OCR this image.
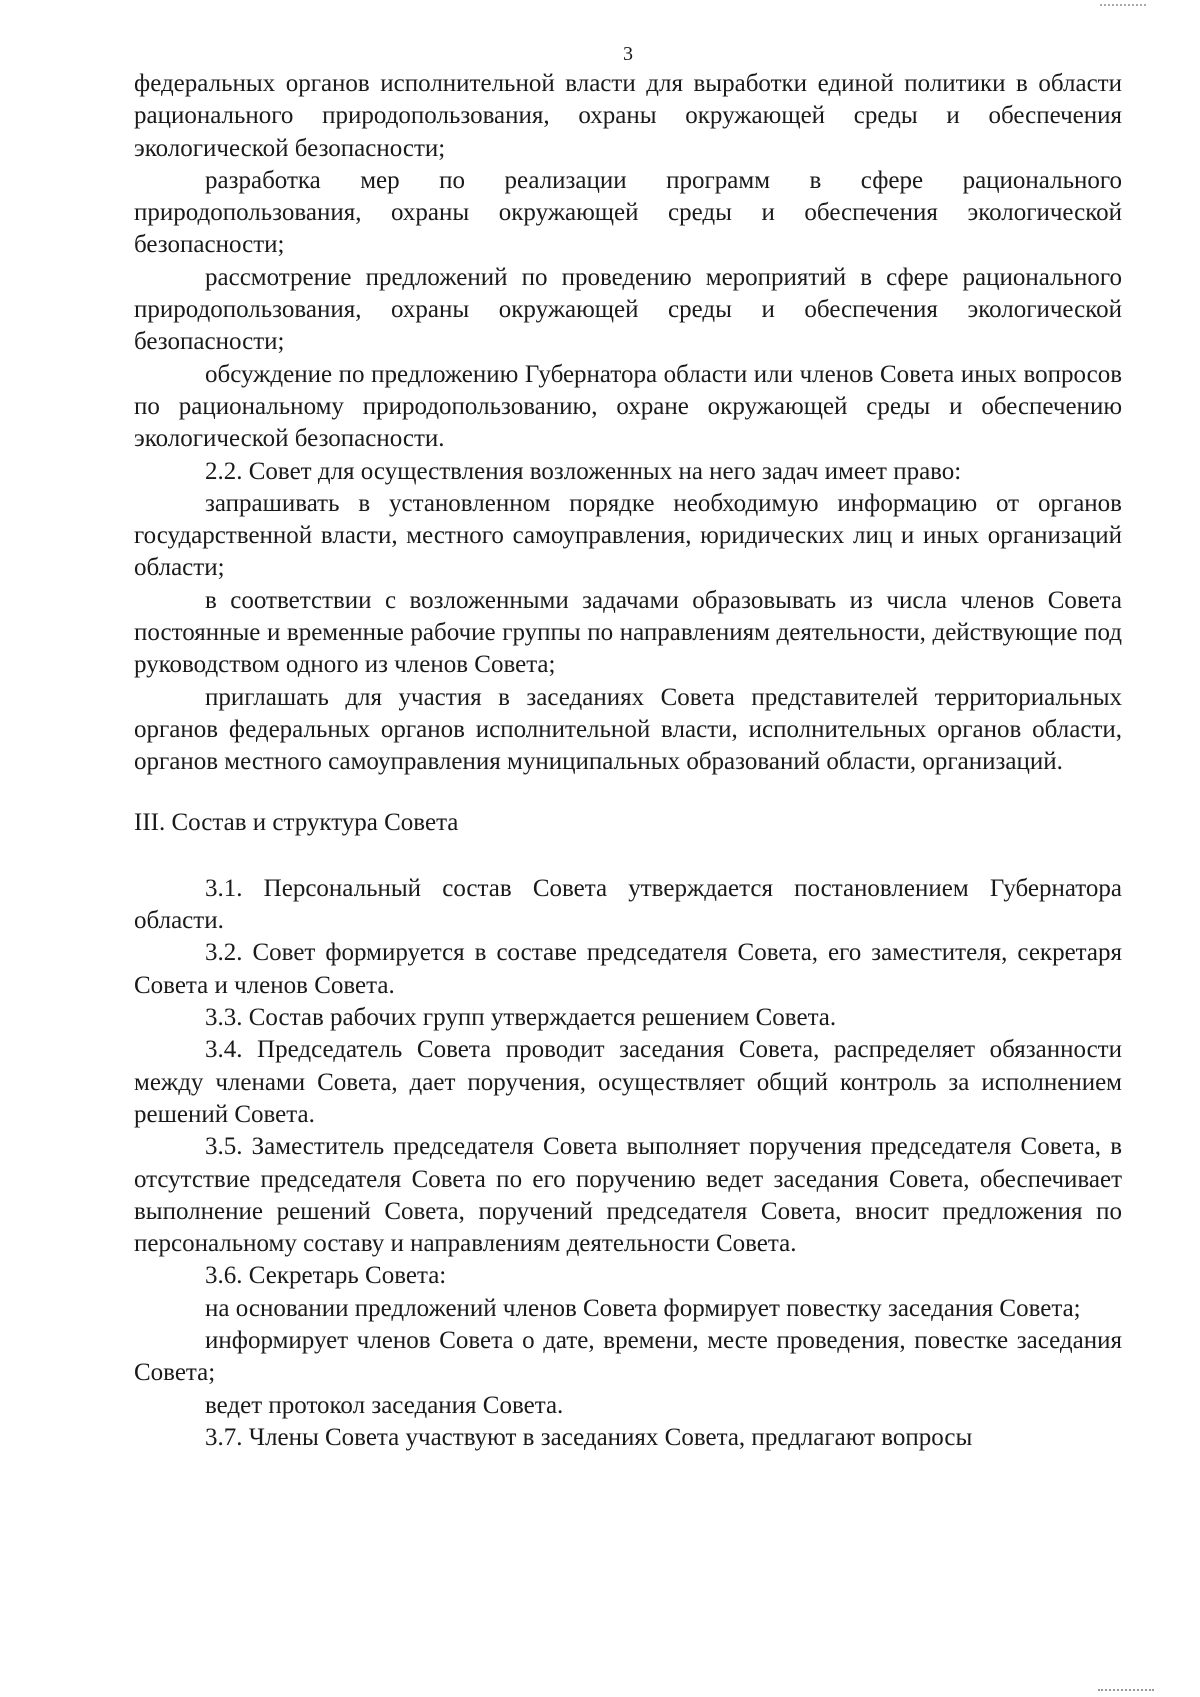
3

федеральных органов исполнительной власти для выработки единой политики в области рационального природопользования, охраны окружающей среды и обеспечения экологической безопасности;

разработка мер по реализации программ в сфере рационального природопользования, охраны окружающей среды и обеспечения экологической безопасности;

рассмотрение предложений по проведению мероприятий в сфере рационального природопользования, охраны окружающей среды и обеспечения экологической безопасности;

обсуждение по предложению Губернатора области или членов Совета иных вопросов по рациональному природопользованию, охране окружающей среды и обеспечению экологической безопасности.

2.2. Совет для осуществления возложенных на него задач имеет право:

запрашивать в установленном порядке необходимую информацию от органов государственной власти, местного самоуправления, юридических лиц и иных организаций области;

в соответствии с возложенными задачами образовывать из числа членов Совета постоянные и временные рабочие группы по направлениям деятельности, действующие под руководством одного из членов Совета;

приглашать для участия в заседаниях Совета представителей территориальных органов федеральных органов исполнительной власти, исполнительных органов области, органов местного самоуправления муниципальных образований области, организаций.

III. Состав и структура Совета

3.1. Персональный состав Совета утверждается постановлением Губернатора области.

3.2. Совет формируется в составе председателя Совета, его заместителя, секретаря Совета и членов Совета.

3.3. Состав рабочих групп утверждается решением Совета.

3.4. Председатель Совета проводит заседания Совета, распределяет обязанности между членами Совета, дает поручения, осуществляет общий контроль за исполнением решений Совета.

3.5. Заместитель председателя Совета выполняет поручения председателя Совета, в отсутствие председателя Совета по его поручению ведет заседания Совета, обеспечивает выполнение решений Совета, поручений председателя Совета, вносит предложения по персональному составу и направлениям деятельности Совета.

3.6. Секретарь Совета:

на основании предложений членов Совета формирует повестку заседания Совета;

информирует членов Совета о дате, времени, месте проведения, повестке заседания Совета;

ведет протокол заседания Совета.

3.7. Члены Совета участвуют в заседаниях Совета, предлагают вопросы
